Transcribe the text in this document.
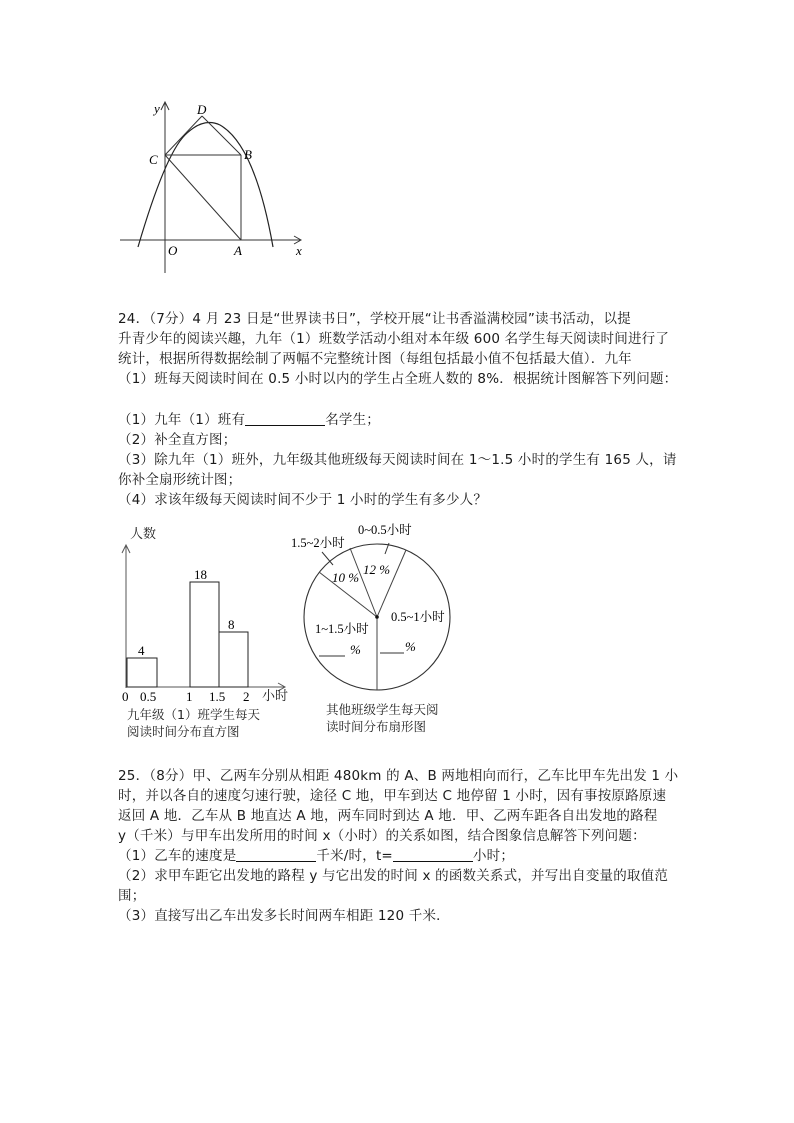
y	D
C	B
O	A	x
24．（7分）4 月 23 日是“世界读书日”，学校开展“让书香溢满校园”读书活动，以提
升青少年的阅读兴趣，九年（1）班数学活动小组对本年级 600 名学生每天阅读时间进行了
统计，根据所得数据绘制了两幅不完整统计图（每组包括最小值不包括最大值）．九年
（1）班每天阅读时间在 0.5 小时以内的学生占全班人数的 8%．根据统计图解答下列问题：
（1）九年（1）班有	名学生；
（2）补全直方图；
（3）除九年（1）班外，九年级其他班级每天阅读时间在 1～1.5 小时的学生有 165 人，请
你补全扇形统计图；
（4）求该年级每天阅读时间不少于 1 小时的学生有多少人？
4
18
8
0 0.5 1 1.5 2
人数
小时
九年级（1）班学生每天
阅读时间分布直方图
0~0.5小时
1.5~2小时
12 %
10 %
0.5~1小时
1~1.5小时
%	%
其他班级学生每天阅
读时间分布扇形图
25．（8分）甲、乙两车分别从相距 480km 的 A、B 两地相向而行，乙车比甲车先出发 1 小
时，并以各自的速度匀速行驶，途径 C 地，甲车到达 C 地停留 1 小时，因有事按原路原速
返回 A 地．乙车从 B 地直达 A 地，两车同时到达 A 地．甲、乙两车距各自出发地的路程
y（千米）与甲车出发所用的时间 x（小时）的关系如图，结合图象信息解答下列问题：
（1）乙车的速度是	千米/时，t=	小时；
（2）求甲车距它出发地的路程 y 与它出发的时间 x 的函数关系式，并写出自变量的取值范
围；
（3）直接写出乙车出发多长时间两车相距 120 千米．
